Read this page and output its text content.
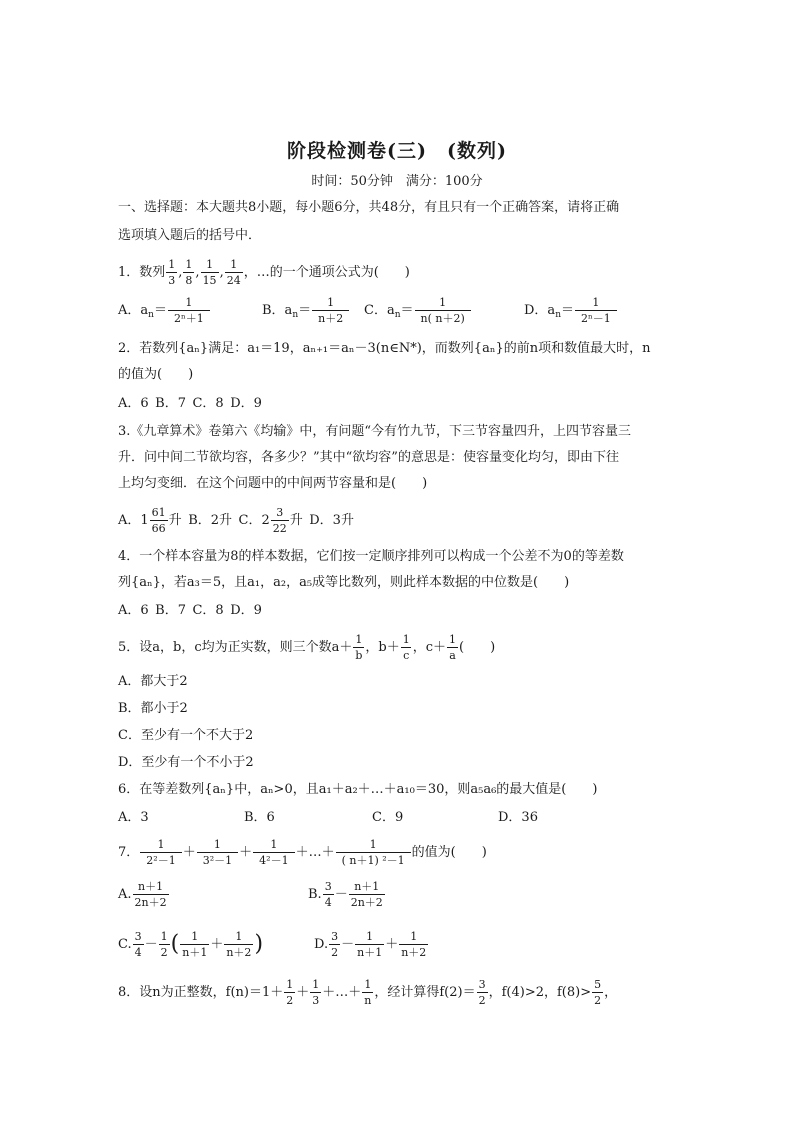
阶段检测卷(三)　(数列)
时间：50分钟　满分：100分
一、选择题：本大题共8小题，每小题6分，共48分，有且只有一个正确答案，请将正确
选项填入题后的括号中．
1．数列 $\frac{1}{3}$ , $\frac{1}{8}$ , $\frac{1}{15}$ , $\frac{1}{24}$ ，…的一个通项公式为(　　)
A．$a_n= \frac{1}{\text{2ⁿ＋1}}$	B．$a_n= \frac{1}{n+2}$ C．$a_n= \frac{1}{n( n+2)}$	D．$a_n= \frac{1}{\text{2ⁿ－1}}$
2．若数列{aₙ}满足：a₁＝19，aₙ₊₁＝aₙ－3(n∈N*)，而数列{aₙ}的前n项和数值最大时，n
的值为(　　)
A．6 B．7 C．8 D．9
3.《九章算术》卷第六《均输》中，有问题“今有竹九节，下三节容量四升，上四节容量三
升．问中间二节欲均容，各多少？”其中“欲均容”的意思是：使容量变化均匀，即由下往
上均匀变细．在这个问题中的中间两节容量和是(　　)
A．$1 \frac{61}{66}$ 升 B．2升 C．$2 \frac{3}{22}$ 升 D．3升
4．一个样本容量为8的样本数据，它们按一定顺序排列可以构成一个公差不为0的等差数
列{aₙ}，若a₃＝5，且a₁，a₂，a₅成等比数列，则此样本数据的中位数是(　　)
A．6 B．7 C．8 D．9
5．设a，b，c均为正实数，则三个数$a+ \frac{1}{b}$ ，$b+ \frac{1}{c}$ ，$c+ \frac{1}{a}$ (　　)
A．都大于2
B．都小于2
C．至少有一个不大于2
D．至少有一个不小于2
6．在等差数列{aₙ}中，aₙ>0，且a₁＋a₂＋…＋a₁₀＝30，则a₅a₆的最大值是(　　)
A．3	B．6	C．9	D．36
7． $\frac{1}{\text{2²－1}} + \frac{1}{\text{3²－1}} + \frac{1}{\text{4²－1}}$ ＋…＋ $\frac{1}{\text{( n＋1) ²－1}}$ 的值为(　　)
A. $\frac{n+1}{2n+2}$	B. $\frac{3}{4} - \frac{n+1}{2n+2}$
C. $\frac{3}{4} - \frac{1}{2}$ ( $\frac{1}{n+1} + \frac{1}{n+2}$ )	D. $\frac{3}{2} - \frac{1}{n+1} + \frac{1}{n+2}$
8．设n为正整数，$f(n)=1+ \frac{1}{2} + \frac{1}{3}$ ＋…＋ $\frac{1}{n}$ ，经计算得$f(2)= \frac{3}{2}$ ，f(4)>2，$f(8)> \frac{5}{2}$ ，
